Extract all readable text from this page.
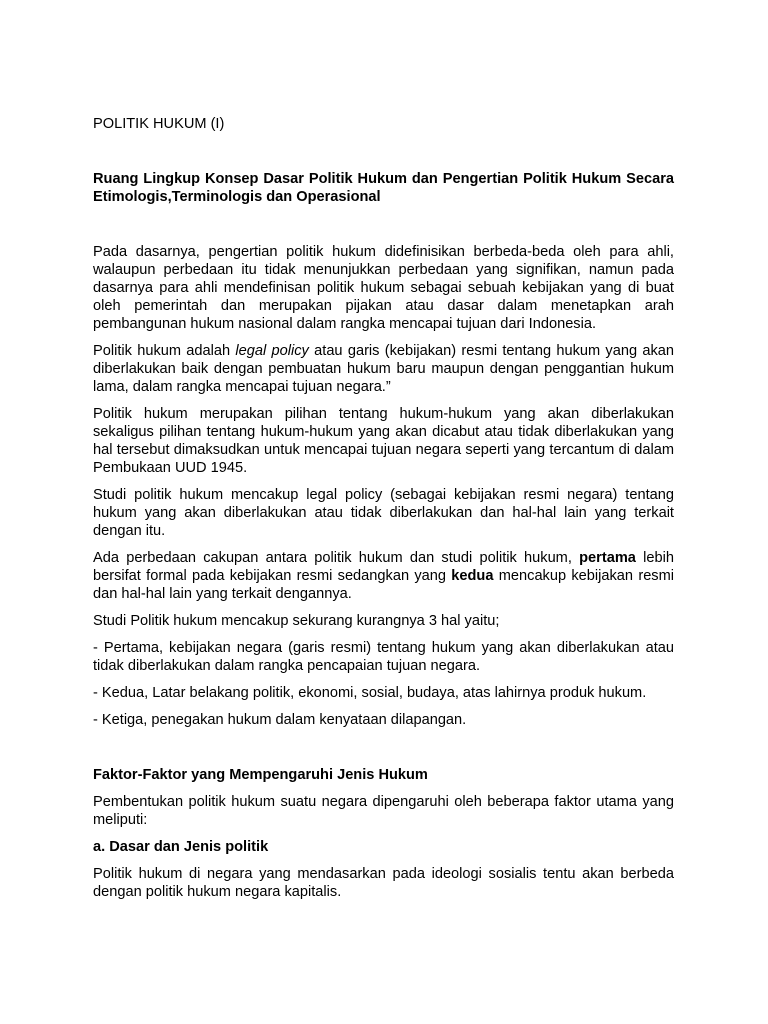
POLITIK HUKUM (I)
Ruang Lingkup Konsep Dasar Politik Hukum dan Pengertian Politik Hukum Secara Etimologis,Terminologis dan Operasional

Pada dasarnya, pengertian politik hukum didefinisikan berbeda-beda oleh para ahli, walaupun perbedaan itu tidak menunjukkan perbedaan yang signifikan, namun pada dasarnya para ahli mendefinisan politik hukum sebagai sebuah kebijakan yang di buat oleh pemerintah dan merupakan pijakan atau dasar dalam menetapkan arah pembangunan hukum nasional dalam rangka mencapai tujuan dari Indonesia.

Politik hukum adalah legal policy atau garis (kebijakan) resmi tentang hukum yang akan diberlakukan baik dengan pembuatan hukum baru maupun dengan penggantian hukum lama, dalam rangka mencapai tujuan negara.”

Politik hukum merupakan pilihan tentang hukum-hukum yang akan diberlakukan sekaligus pilihan tentang hukum-hukum yang akan dicabut atau tidak diberlakukan yang hal tersebut dimaksudkan untuk mencapai tujuan negara seperti yang tercantum di dalam Pembukaan UUD 1945.

Studi politik hukum mencakup legal policy (sebagai kebijakan resmi negara) tentang hukum yang akan diberlakukan atau tidak diberlakukan dan hal-hal lain yang terkait dengan itu.

Ada perbedaan cakupan antara politik hukum dan studi politik hukum, pertama lebih bersifat formal pada kebijakan resmi sedangkan yang kedua mencakup kebijakan resmi dan hal-hal lain yang terkait dengannya.

Studi Politik hukum mencakup sekurang kurangnya 3 hal yaitu;

- Pertama, kebijakan negara (garis resmi) tentang hukum yang akan diberlakukan atau tidak diberlakukan dalam rangka pencapaian tujuan negara.

- Kedua, Latar belakang politik, ekonomi, sosial, budaya, atas lahirnya produk hukum.

- Ketiga, penegakan hukum dalam kenyataan dilapangan.

Faktor-Faktor yang Mempengaruhi Jenis Hukum

Pembentukan politik hukum suatu negara dipengaruhi oleh beberapa faktor utama yang meliputi:

a. Dasar dan Jenis politik

Politik hukum di negara yang mendasarkan pada ideologi sosialis tentu akan berbeda dengan politik hukum negara kapitalis.
